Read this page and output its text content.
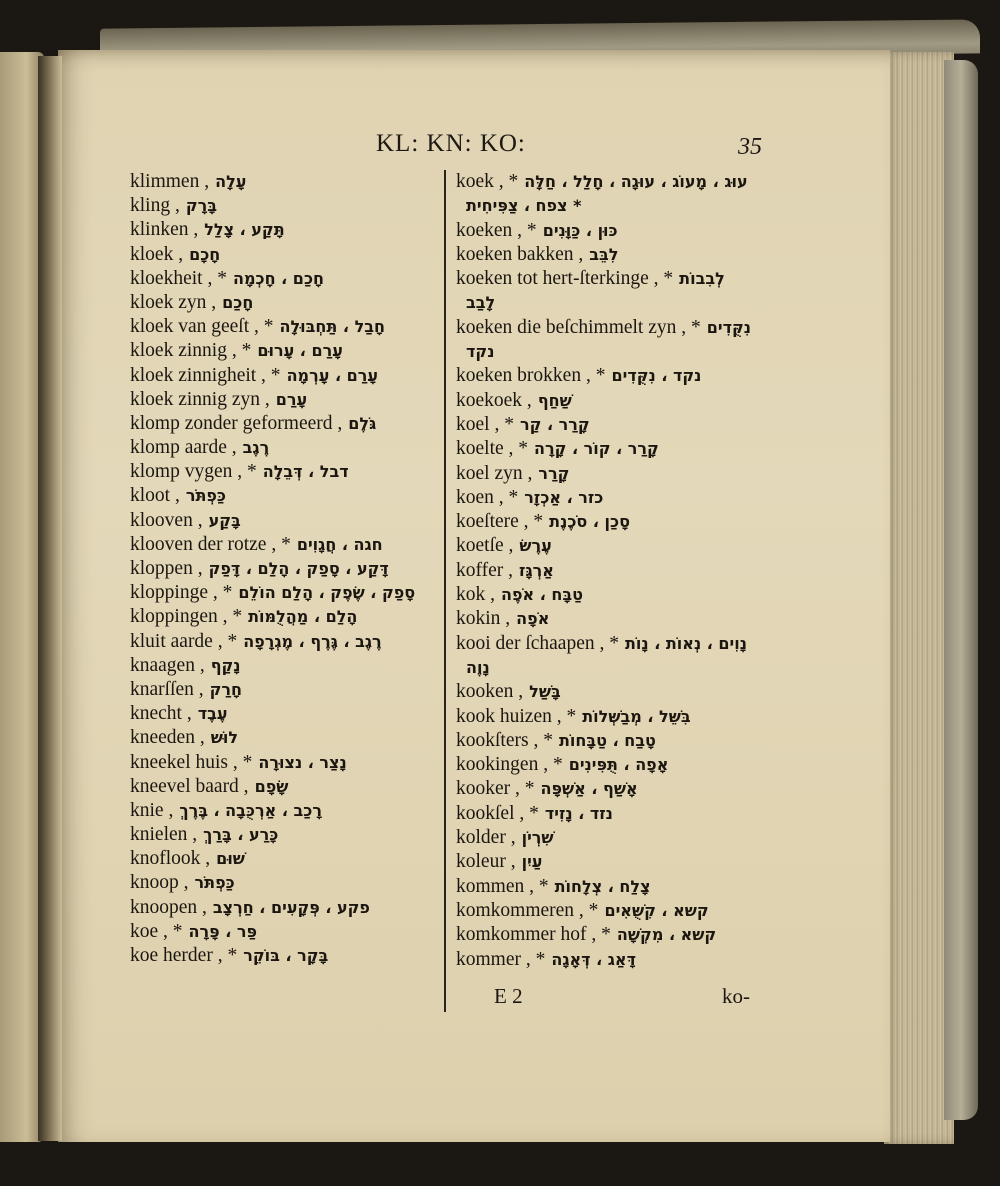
KL: KN: KO:	35
klimmen , עָלָה
kling , בָּרָק
klinken , תָּקַע ، צָלַל
kloek , חָכָם
kloekheit , * חָכַם ، חָכְמָה
kloek zyn , חָכַם
kloek van geeſt , * חָבַל ، תַּחְבּוּלָה
kloek zinnig , * עָרַם ، עָרוּם
kloek zinnigheit , * עָרַם ، עָרְמָה
kloek zinnig zyn , עָרַם
klomp zonder geformeerd , גֹּלֶם
klomp aarde , רֶגֶב
klomp vygen , * דבל ، דְּבֵלָה
kloot , כַּפְתֹּר
klooven , בָּקַע
klooven der rotze , * חגה ، חֲגָוִים
kloppen , דָּקַע ، סָפַק ، הָלַם ، דָּפַק
kloppinge , * סָפַק ، שֶׂפֶק ، הָלַם הוֹלֵם
kloppingen , * הָלַם ، מַהֲלֻמּוֹת
kluit aarde , * רֶגֶב ، גֶּרֶף ، מֶגְרָפָה
knaagen , נָקַף
knarſſen , חָרַק
knecht , עֶבֶד
kneeden , לוּשׁ
kneekel huis , * נָצַר ، נצוּרָה
kneevel baard , שָׂפָם
knie , רָכַב ، אַרְכֻּבָה ، בֶּרֶךְ
knielen , כָּרַע ، בָּרַךְ
knoflook , שׁוּם
knoop , כַּפְתֹּר
knoopen , פקע ، פְּקָעִים ، חַרְצָב
koe , * פַּר ، פָּרָה
koe herder , * בָּקָר ، בּוֹקֵר
koek , * עוּג ، מָעוֹג ، עוּגָה ، חָלַל ، חַלָּה
* צפח ، צַפִּיחִית
koeken , * כּוּן ، כַּוָּנִים
koeken bakken , לִבֵּב
koeken tot hert-ſterkinge , * לְבִבוֹת
לָבַב
koeken die beſchimmelt zyn , * נִקֻּדִים
נקד
koeken brokken , * נקד ، נִקֻּדִים
koekoek , שַׁחַף
koel , * קָרַר ، קַר
koelte , * קָרַר ، קוֹר ، קָרָה
koel zyn , קָרַר
koen , * כזר ، אַכְזָר
koeſtere , * סָכַן ، סֹכֶנֶת
koetſe , עֶרֶשׂ
koffer , אַרְגָּז
kok , טַבָּח ، אֹפֶה
kokin , אֹפָה
kooi der ſchaapen , * נָוִים ، נְאוֹת ، נָוֹת
נָוֶה
kooken , בָּשַׁל
kook huizen , * בִּשֵּׁל ، מְבַשְּׁלוֹת
kookſters , * טָבַח ، טַבָּחוֹת
kookingen , * אָפָה ، תֻּפִּינִים
kooker , * אָשַׁף ، אַשְׁפָּה
kookſel , * נזד ، נָזִיד
kolder , שִׁרְיֹן
koleur , עַיִן
kommen , * צָלַח ، צְלָחוֹת
komkommeren , * קשא ، קִשֻּׁאִים
komkommer hof , * קשא ، מִקְשָׁה
kommer , * דָּאַג ، דְּאָגָה
E 2	ko-
